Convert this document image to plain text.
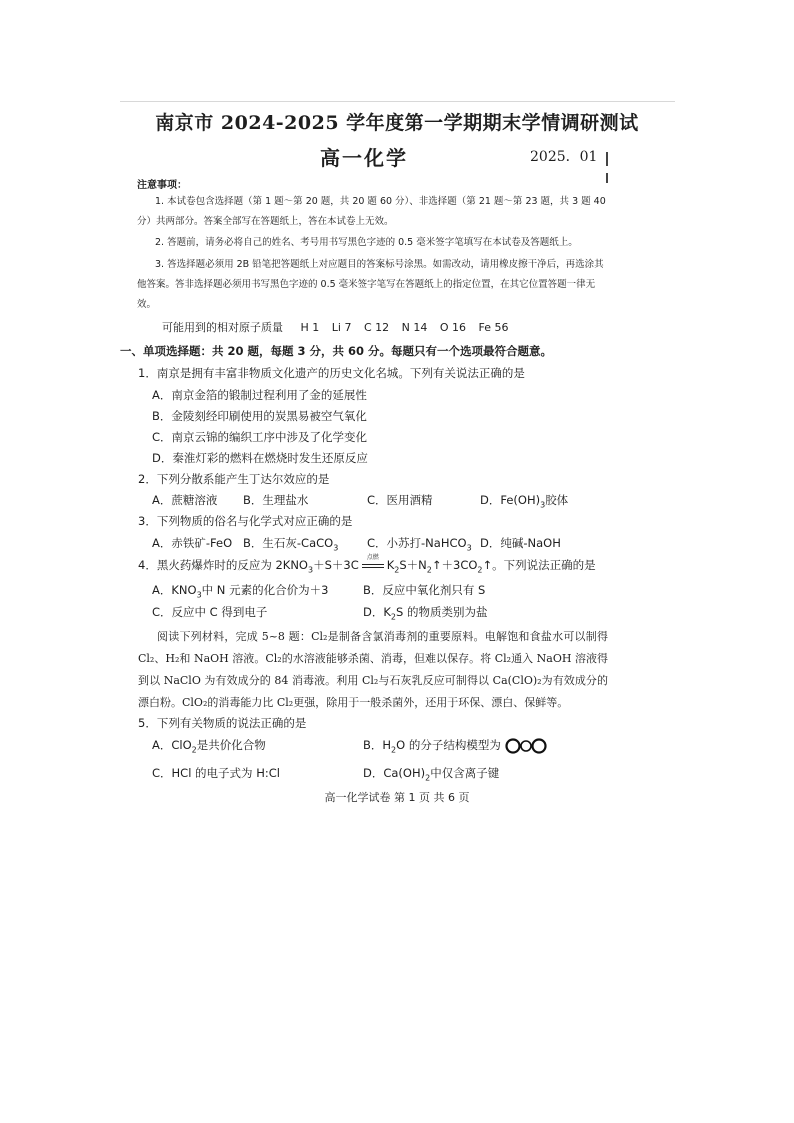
南京市 2024-2025 学年度第一学期期末学情调研测试
高一化学	2025．01
注意事项：
1. 本试卷包含选择题（第 1 题～第 20 题，共 20 题 60 分）、非选择题（第 21 题～第 23 题，共 3 题 40 分）共两部分。答案全部写在答题纸上，答在本试卷上无效。
2. 答题前，请务必将自己的姓名、考号用书写黑色字迹的 0.5 毫米签字笔填写在本试卷及答题纸上。
3. 答选择题必须用 2B 铅笔把答题纸上对应题目的答案标号涂黑。如需改动，请用橡皮擦干净后，再选涂其他答案。答非选择题必须用书写黑色字迹的 0.5 毫米签字笔写在答题纸上的指定位置，在其它位置答题一律无效。
可能用到的相对原子质量 H 1 Li 7 C 12 N 14 O 16 Fe 56
一、单项选择题：共 20 题，每题 3 分，共 60 分。每题只有一个选项最符合题意。
1．南京是拥有丰富非物质文化遗产的历史文化名城。下列有关说法正确的是
A．南京金箔的锻制过程利用了金的延展性
B．金陵刻经印刷使用的炭黑易被空气氧化
C．南京云锦的编织工序中涉及了化学变化
D．秦淮灯彩的燃料在燃烧时发生还原反应
2．下列分散系能产生丁达尔效应的是
A．蔗糖溶液 B．生理盐水	C．医用酒精	D．$Fe(OH)_3$胶体
3．下列物质的俗名与化学式对应正确的是
A．赤铁矿-FeO B．生石灰-CaCO$_3$ C．小苏打-NaHCO$_3$ D．纯碱-NaOH
4．黑火药爆炸时的反应为 $2KNO_3+S+3C$
点燃
$K_2S+N_2↑+3CO_2↑$。下列说法正确的是
A．$KNO_3$中 N 元素的化合价为＋3	B．反应中氧化剂只有 S
C．反应中 C 得到电子	D．$K_2S$ 的物质类别为盐
阅读下列材料，完成 5~8 题：Cl₂是制备含氯消毒剂的重要原料。电解饱和食盐水可以制得 Cl₂、H₂和 NaOH 溶液。Cl₂的水溶液能够杀菌、消毒，但难以保存。将 Cl₂通入 NaOH 溶液得到以 NaClO 为有效成分的 84 消毒液。利用 Cl₂与石灰乳反应可制得以 Ca(ClO)₂为有效成分的漂白粉。ClO₂的消毒能力比 Cl₂更强，除用于一般杀菌外，还用于环保、漂白、保鲜等。
5．下列有关物质的说法正确的是
A．ClO$_2$是共价化合物	B．$H_2O$ 的分子结构模型为
C．HCl 的电子式为 H:Cl	D．$Ca(OH)_2$中仅含离子键
高一化学试卷 第 1 页 共 6 页
